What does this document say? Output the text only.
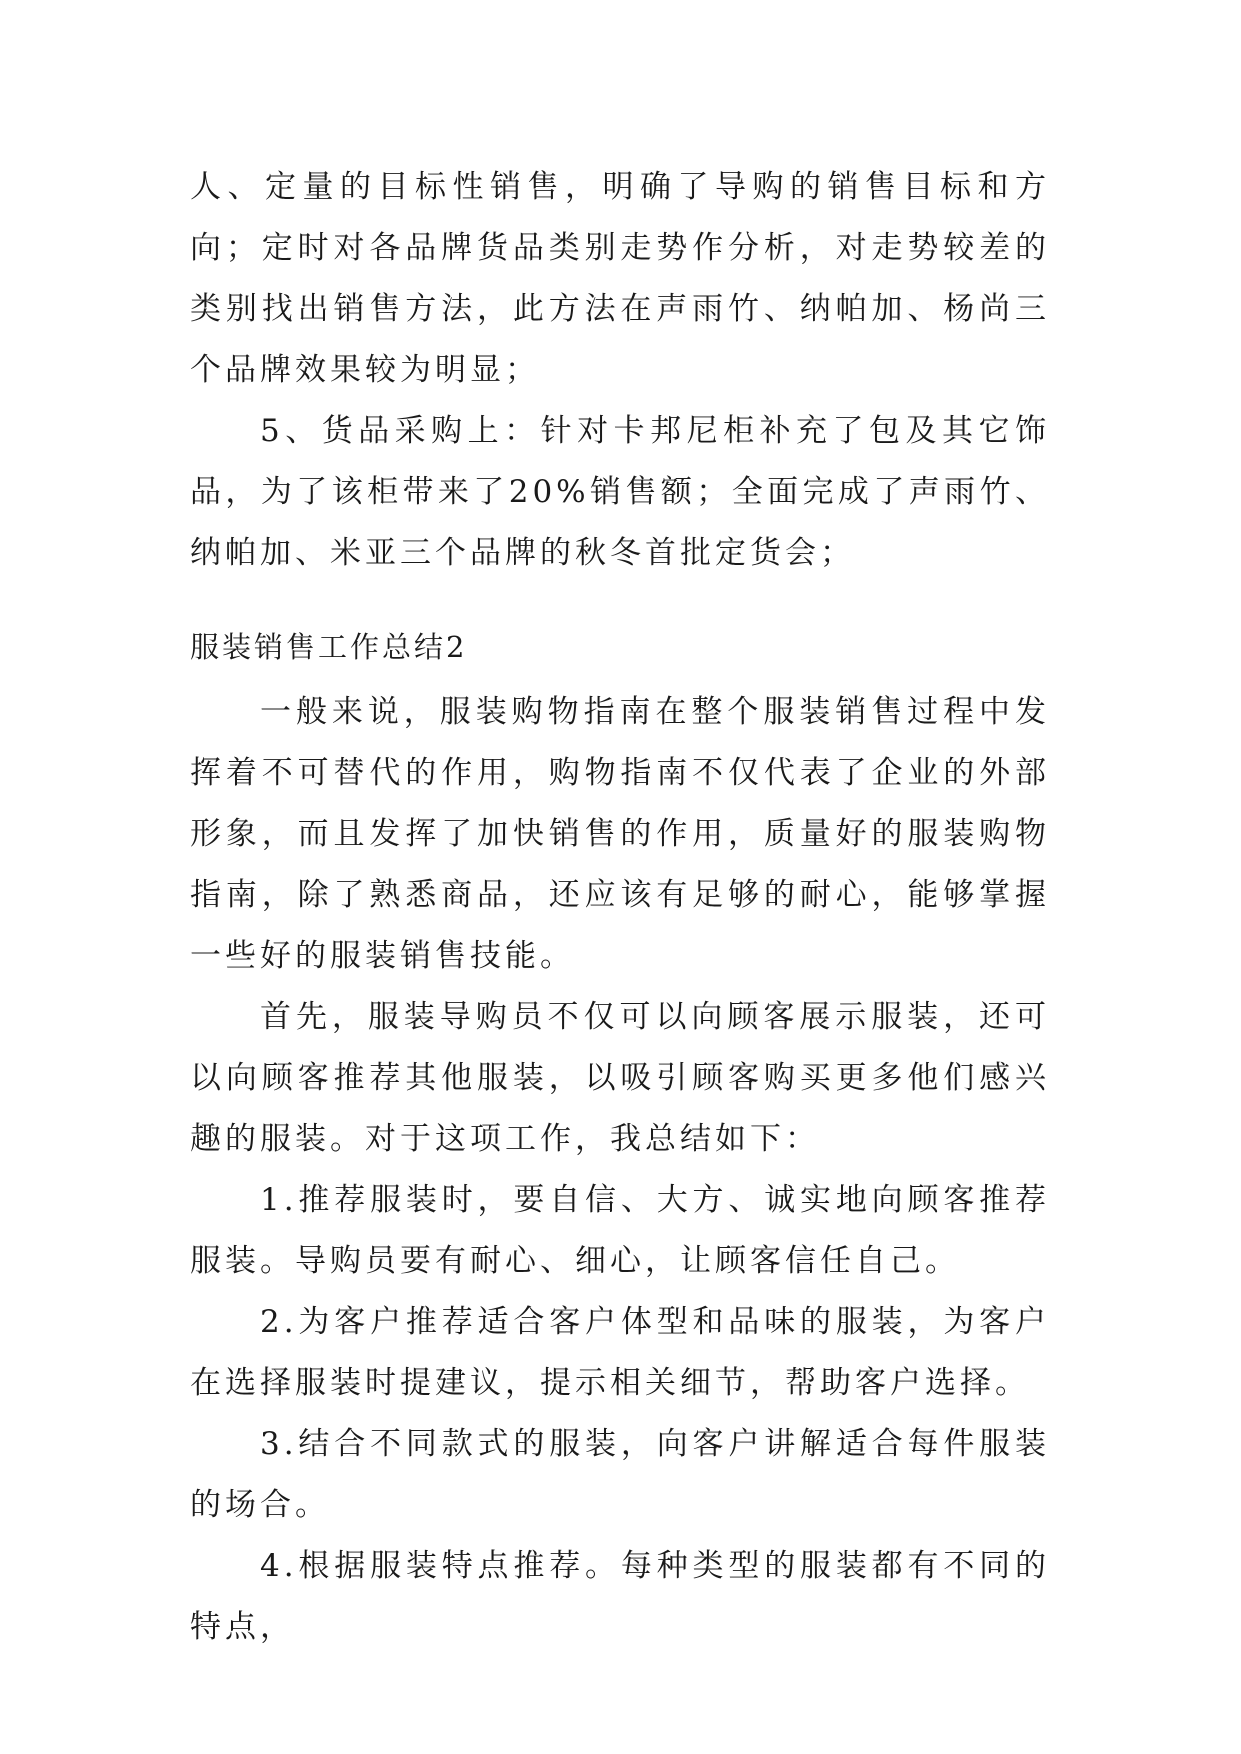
人、定量的目标性销售，明确了导购的销售目标和方向；定时对各品牌货品类别走势作分析，对走势较差的类别找出销售方法，此方法在声雨竹、纳帕加、杨尚三个品牌效果较为明显；

5、货品采购上：针对卡邦尼柜补充了包及其它饰品，为了该柜带来了20%销售额；全面完成了声雨竹、纳帕加、米亚三个品牌的秋冬首批定货会；

服装销售工作总结2

一般来说，服装购物指南在整个服装销售过程中发挥着不可替代的作用，购物指南不仅代表了企业的外部形象，而且发挥了加快销售的作用，质量好的服装购物指南，除了熟悉商品，还应该有足够的耐心，能够掌握一些好的服装销售技能。

首先，服装导购员不仅可以向顾客展示服装，还可以向顾客推荐其他服装，以吸引顾客购买更多他们感兴趣的服装。对于这项工作，我总结如下：

1.推荐服装时，要自信、大方、诚实地向顾客推荐服装。导购员要有耐心、细心，让顾客信任自己。

2.为客户推荐适合客户体型和品味的服装，为客户在选择服装时提建议，提示相关细节，帮助客户选择。

3.结合不同款式的服装，向客户讲解适合每件服装的场合。

4.根据服装特点推荐。每种类型的服装都有不同的特点，
